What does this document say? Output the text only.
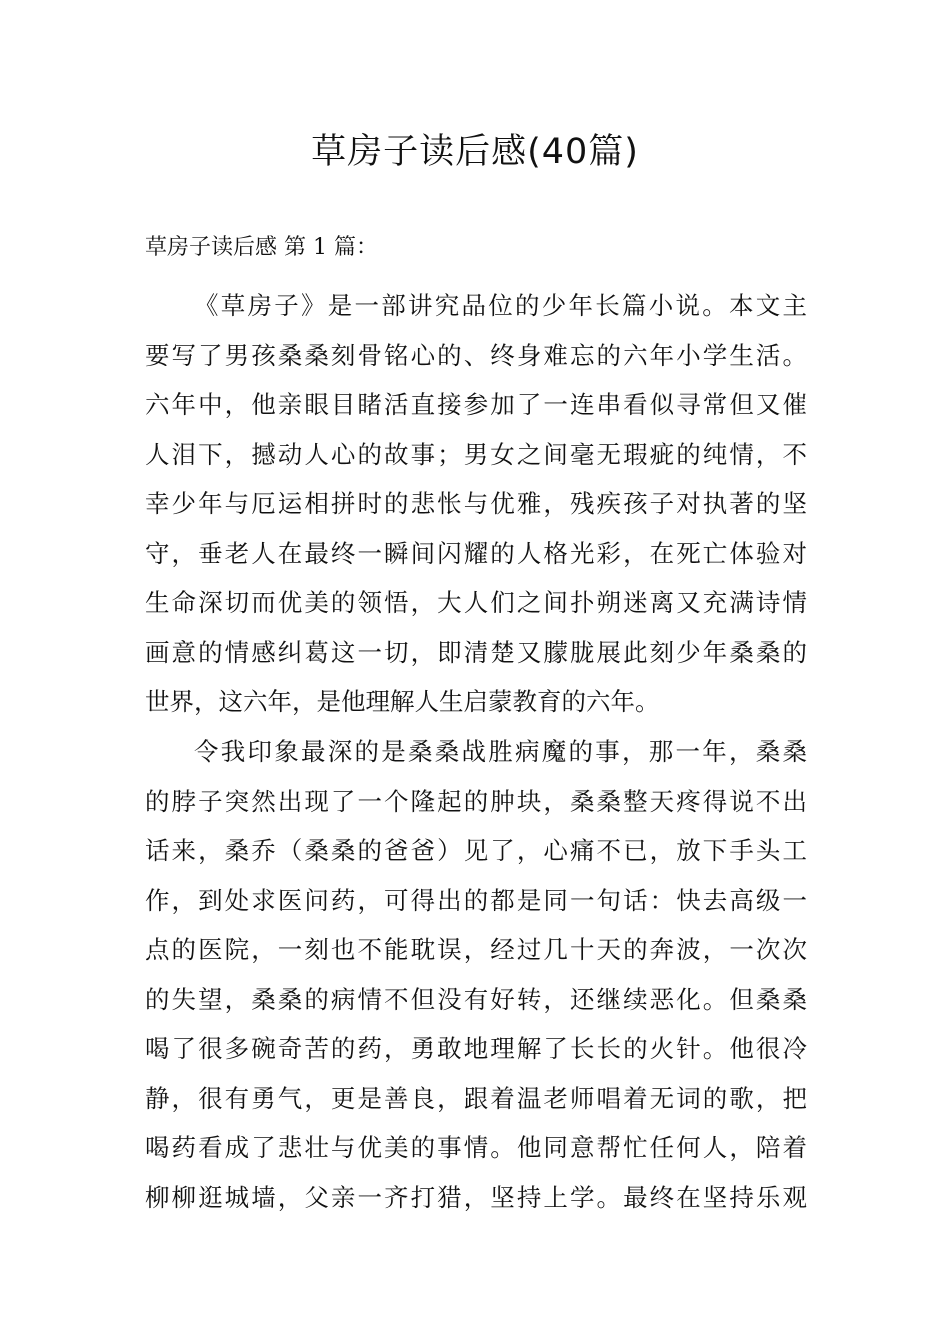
草房子读后感(40篇)
草房子读后感 第 1 篇：
《草房子》是一部讲究品位的少年长篇小说。本文主
要写了男孩桑桑刻骨铭心的、终身难忘的六年小学生活。
六年中，他亲眼目睹活直接参加了一连串看似寻常但又催
人泪下，撼动人心的故事；男女之间毫无瑕疵的纯情，不
幸少年与厄运相拼时的悲怅与优雅，残疾孩子对执著的坚
守，垂老人在最终一瞬间闪耀的人格光彩，在死亡体验对
生命深切而优美的领悟，大人们之间扑朔迷离又充满诗情
画意的情感纠葛这一切，即清楚又朦胧展此刻少年桑桑的
世界，这六年，是他理解人生启蒙教育的六年。
令我印象最深的是桑桑战胜病魔的事，那一年，桑桑
的脖子突然出现了一个隆起的肿块，桑桑整天疼得说不出
话来，桑乔（桑桑的爸爸）见了，心痛不已，放下手头工
作，到处求医问药，可得出的都是同一句话：快去高级一
点的医院，一刻也不能耽误，经过几十天的奔波，一次次
的失望，桑桑的病情不但没有好转，还继续恶化。但桑桑
喝了很多碗奇苦的药，勇敢地理解了长长的火针。他很冷
静，很有勇气，更是善良，跟着温老师唱着无词的歌，把
喝药看成了悲壮与优美的事情。他同意帮忙任何人，陪着
柳柳逛城墙，父亲一齐打猎，坚持上学。最终在坚持乐观
